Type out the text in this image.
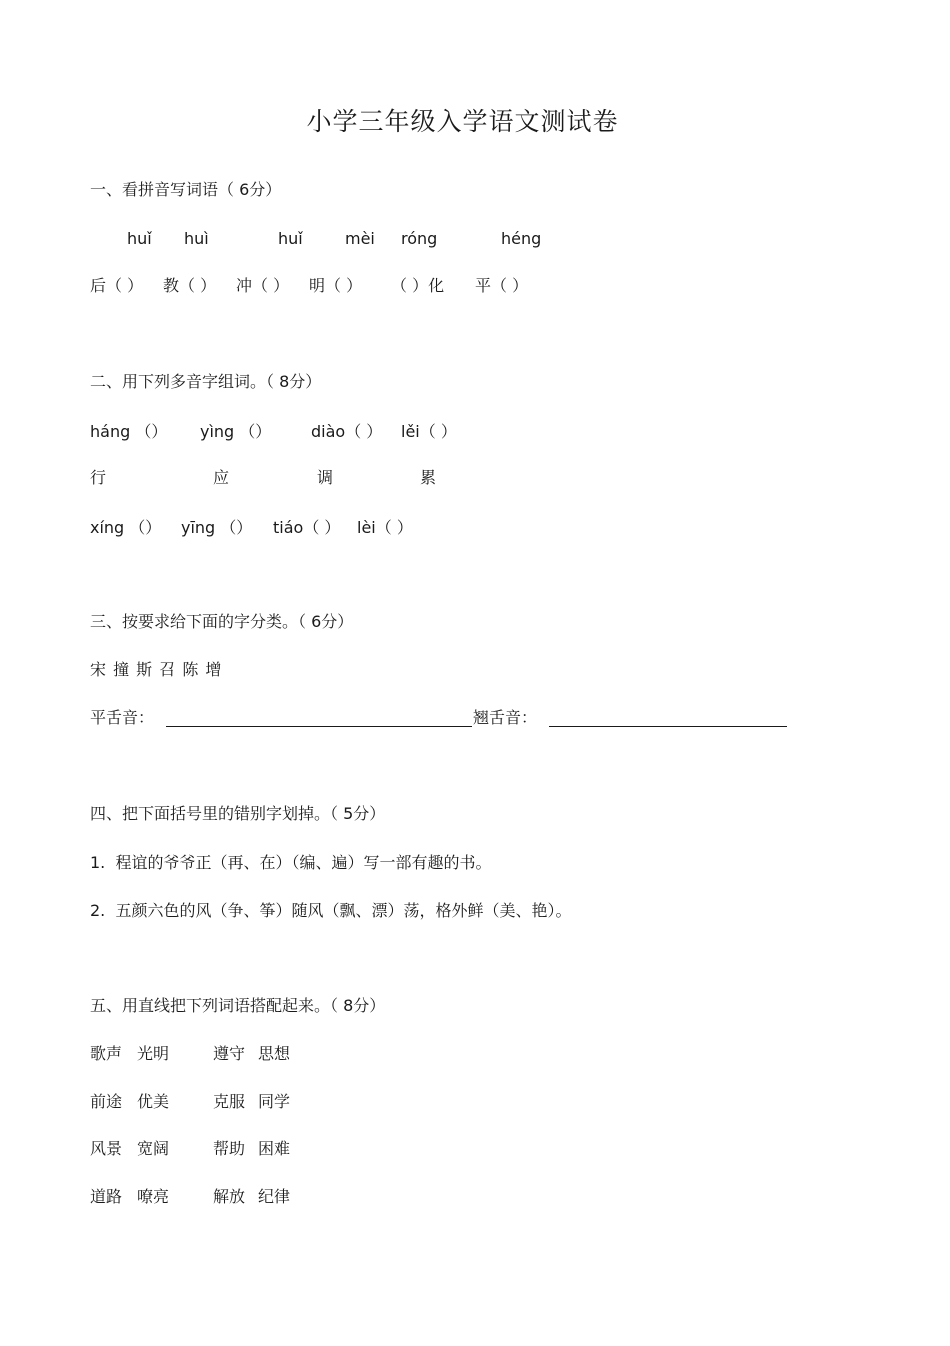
小学三年级入学语文测试卷
一、看拼音写词语（ 6分）
huǐ huì	huǐ	mèi róng	héng
后（ ） 教（ ） 冲（ ） 明（ ） （ ）化 平（ ）
二、用下列多音字组词。（ 8分）
háng （） yìng （） diào（ ） lěi（ ）
行	应	调	累
xíng （） yīng （） tiáo（ ） lèi（ ）
三、按要求给下面的字分类。（ 6分）
宋 撞 斯 召 陈 增
平舌音：	翘舌音：
四、把下面括号里的错别字划掉。（ 5分）
1.  程谊的爷爷正（再、在）（编、遍）写一部有趣的书。
2.  五颜六色的风（争、筝）随风（飘、漂）荡，格外鲜（美、艳）。
五、用直线把下列词语搭配起来。（ 8分）
歌声 光明	遵守 思想
前途 优美	克服 同学
风景 宽阔	帮助 困难
道路 嘹亮	解放 纪律
